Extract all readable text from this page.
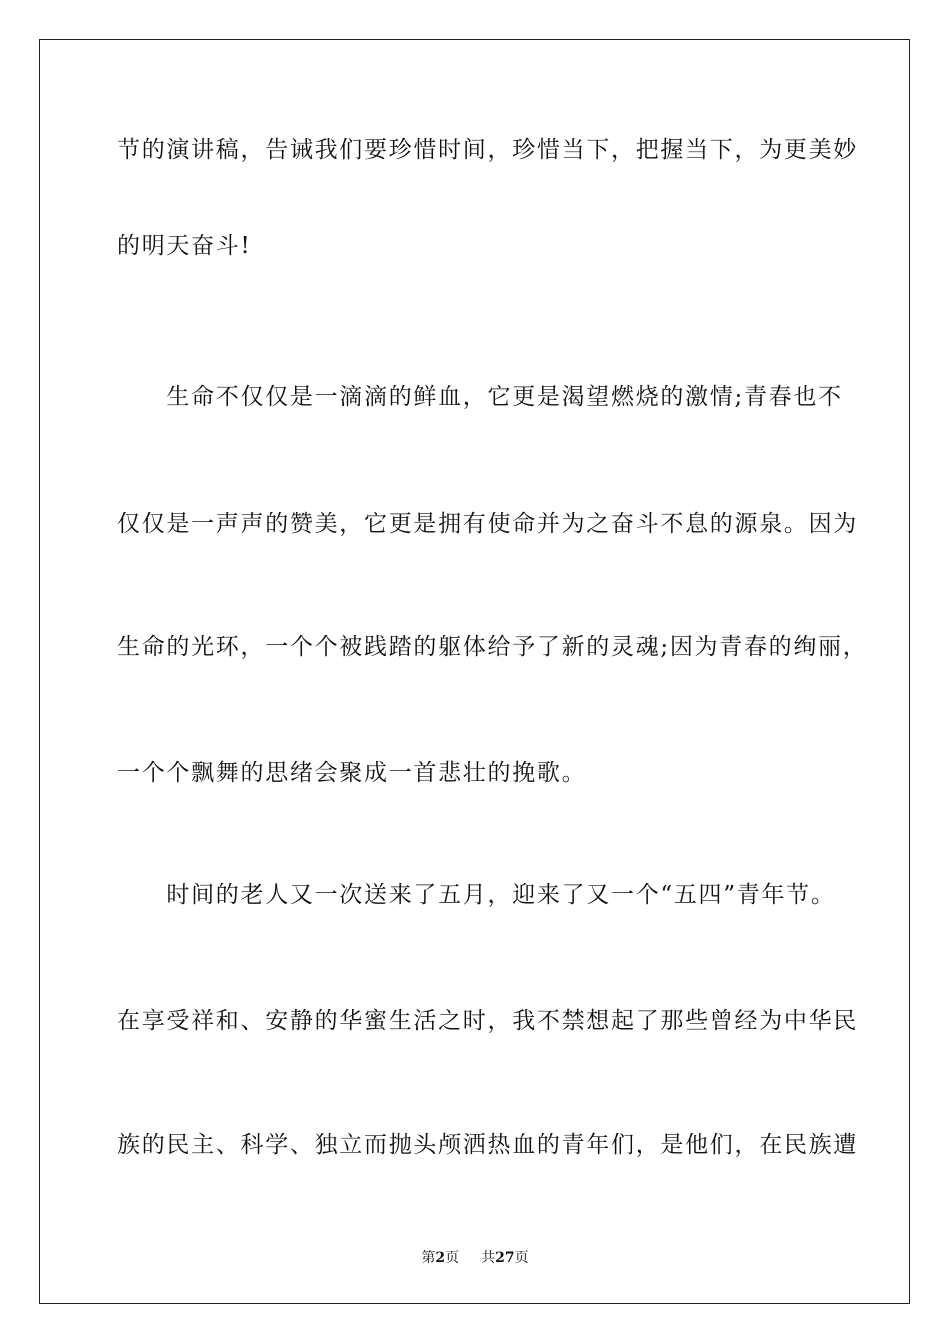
节的演讲稿，告诫我们要珍惜时间，珍惜当下，把握当下，为更美妙
的明天奋斗!
　　生命不仅仅是一滴滴的鲜血，它更是渴望燃烧的激情;青春也不
仅仅是一声声的赞美，它更是拥有使命并为之奋斗不息的源泉。因为
生命的光环，一个个被践踏的躯体给予了新的灵魂;因为青春的绚丽，
一个个飘舞的思绪会聚成一首悲壮的挽歌。
　　时间的老人又一次送来了五月，迎来了又一个“五四”青年节。
在享受祥和、安静的华蜜生活之时，我不禁想起了那些曾经为中华民
族的民主、科学、独立而抛头颅洒热血的青年们，是他们，在民族遭
第2页 共27页
